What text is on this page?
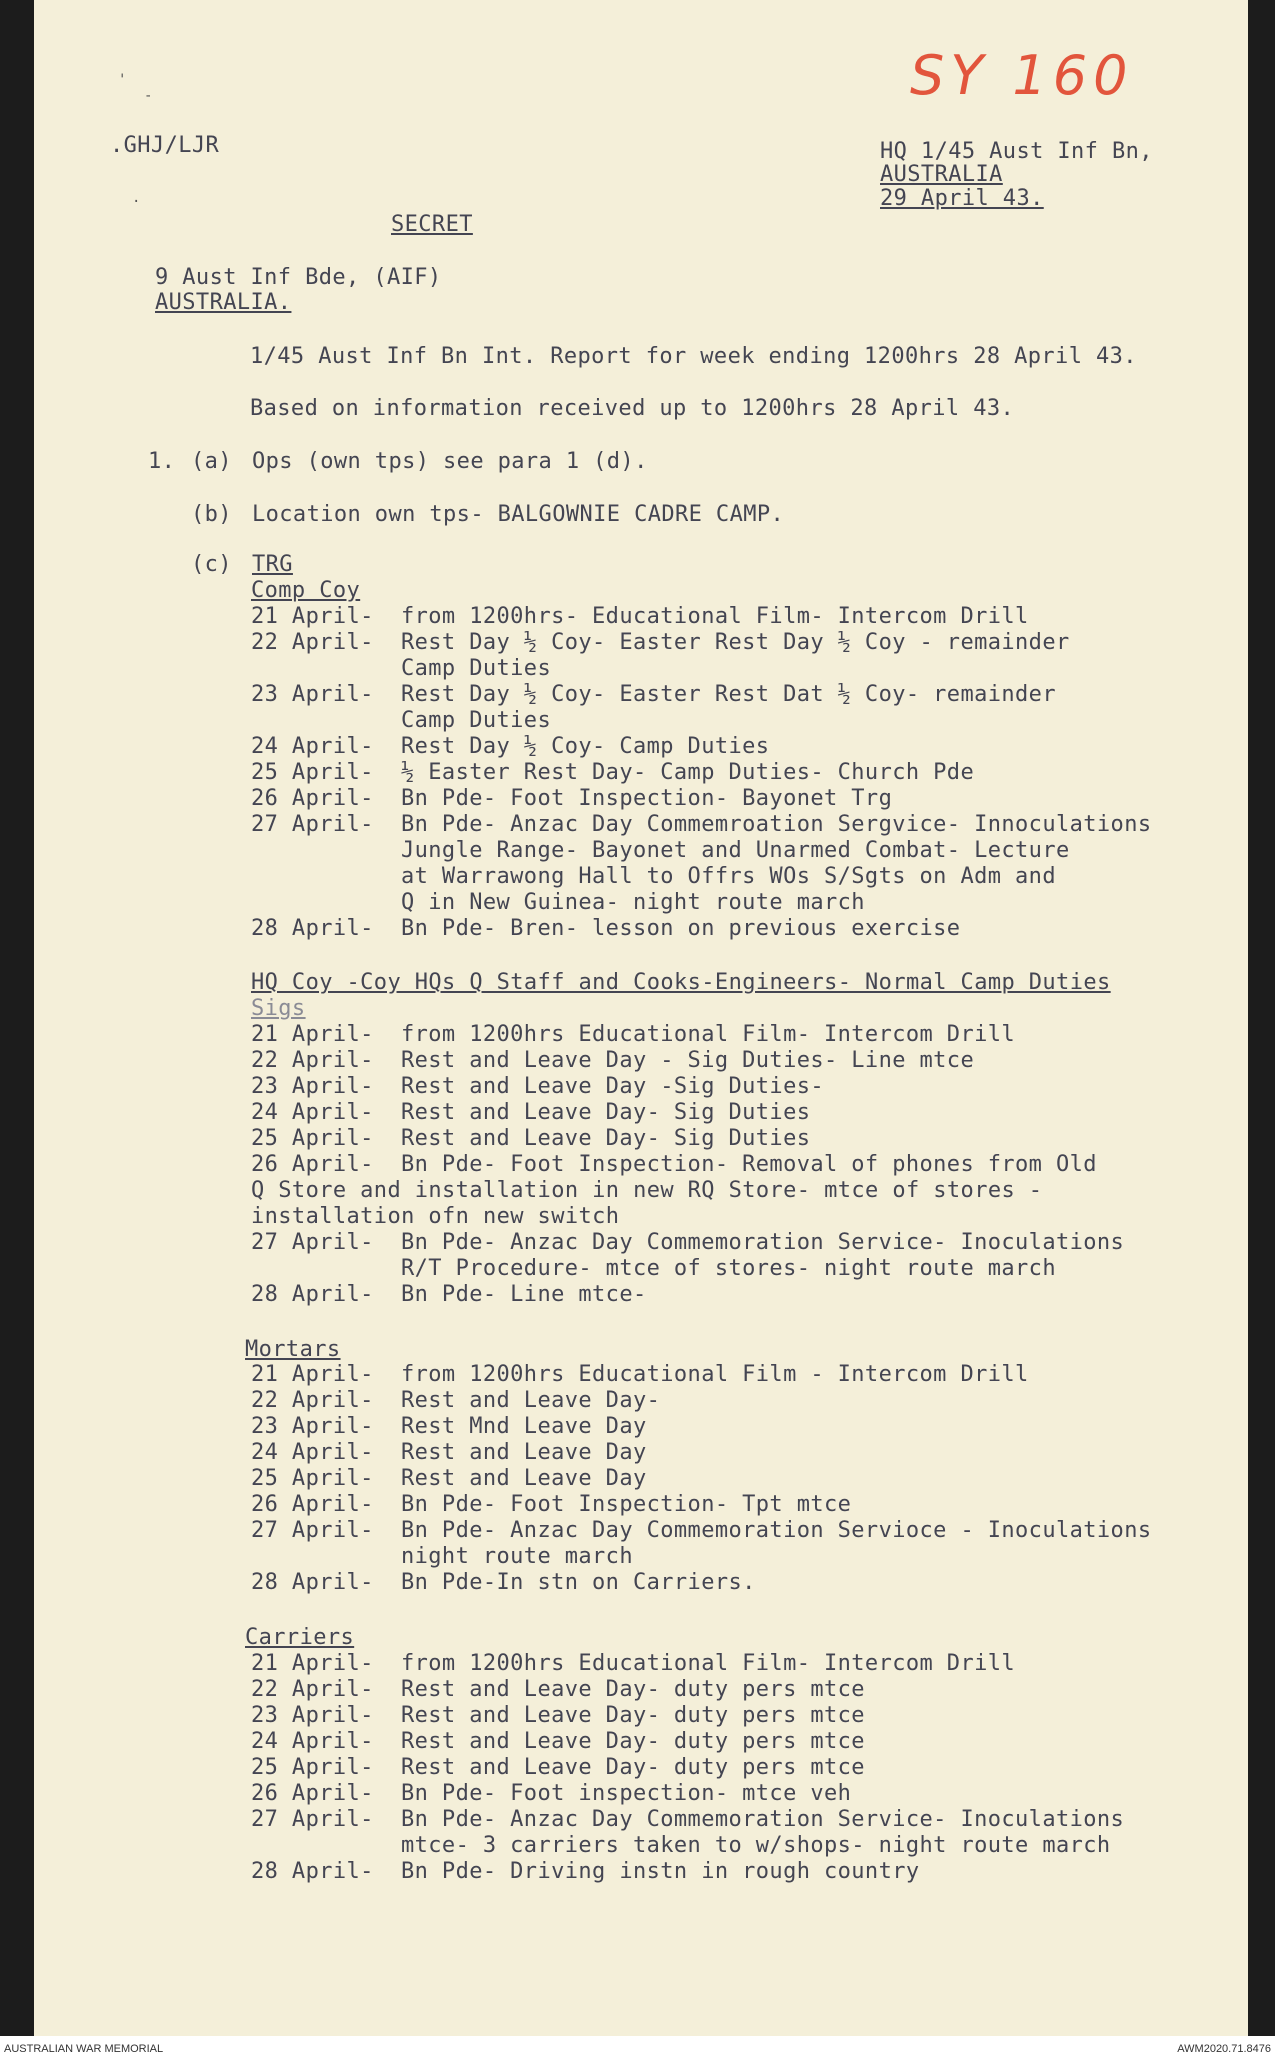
SY 160
'
-
.
.GHJ/LJR	HQ 1/45 Aust Inf Bn,
AUSTRALIA
29 April 43.
SECRET
9 Aust Inf Bde, (AIF)
AUSTRALIA.
1/45 Aust Inf Bn Int. Report for week ending 1200hrs 28 April 43.
Based on information received up to 1200hrs 28 April 43.
1. (a) Ops (own tps) see para 1 (d).
(b) Location own tps- BALGOWNIE CADRE CAMP.
(c) TRG
Comp Coy
21 April- from 1200hrs- Educational Film- Intercom Drill
22 April- Rest Day ½ Coy- Easter Rest Day ½ Coy - remainder
Camp Duties
23 April- Rest Day ½ Coy- Easter Rest Dat ½ Coy- remainder
Camp Duties
24 April- Rest Day ½ Coy- Camp Duties
25 April- ½ Easter Rest Day- Camp Duties- Church Pde
26 April- Bn Pde- Foot Inspection- Bayonet Trg
27 April- Bn Pde- Anzac Day Commemroation Sergvice- Innoculations
Jungle Range- Bayonet and Unarmed Combat- Lecture
at Warrawong Hall to Offrs WOs S/Sgts on Adm and
Q in New Guinea- night route march
28 April- Bn Pde- Bren- lesson on previous exercise
HQ Coy -Coy HQs Q Staff and Cooks-Engineers- Normal Camp Duties
Sigs
21 April- from 1200hrs Educational Film- Intercom Drill
22 April- Rest and Leave Day - Sig Duties- Line mtce
23 April- Rest and Leave Day -Sig Duties-
24 April- Rest and Leave Day- Sig Duties
25 April- Rest and Leave Day- Sig Duties
26 April- Bn Pde- Foot Inspection- Removal of phones from Old
Q Store and installation in new RQ Store- mtce of stores -
installation ofn new switch
27 April- Bn Pde- Anzac Day Commemoration Service- Inoculations
R/T Procedure- mtce of stores- night route march
28 April- Bn Pde- Line mtce-
Mortars
21 April- from 1200hrs Educational Film - Intercom Drill
22 April- Rest and Leave Day-
23 April- Rest Mnd Leave Day
24 April- Rest and Leave Day
25 April- Rest and Leave Day
26 April- Bn Pde- Foot Inspection- Tpt mtce
27 April- Bn Pde- Anzac Day Commemoration Servioce - Inoculations
night route march
28 April- Bn Pde-In stn on Carriers.
Carriers
21 April- from 1200hrs Educational Film- Intercom Drill
22 April- Rest and Leave Day- duty pers mtce
23 April- Rest and Leave Day- duty pers mtce
24 April- Rest and Leave Day- duty pers mtce
25 April- Rest and Leave Day- duty pers mtce
26 April- Bn Pde- Foot inspection- mtce veh
27 April- Bn Pde- Anzac Day Commemoration Service- Inoculations
mtce- 3 carriers taken to w/shops- night route march
28 April- Bn Pde- Driving instn in rough country
AUSTRALIAN WAR MEMORIAL	AWM2020.71.8476
